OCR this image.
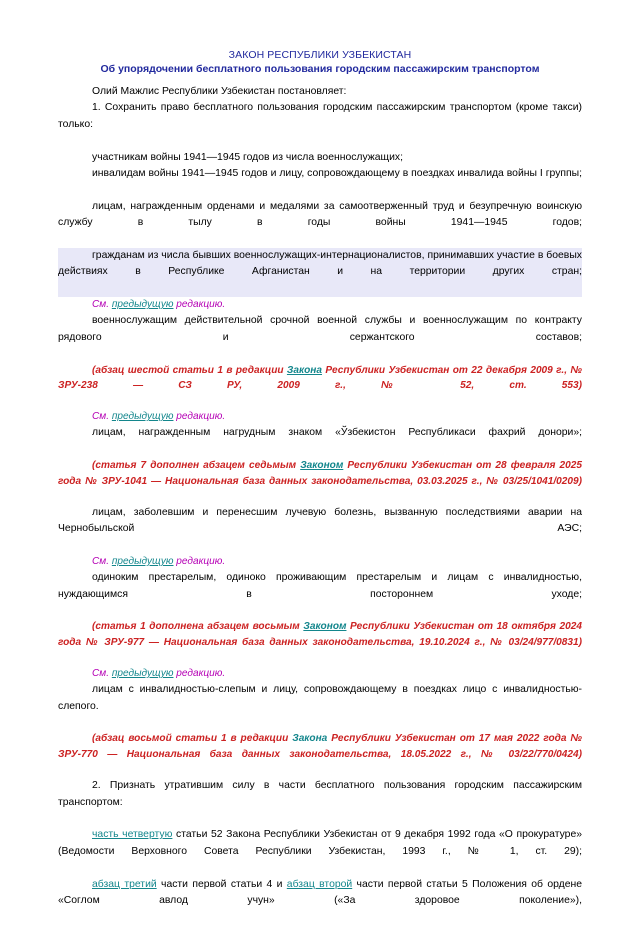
ЗАКОН РЕСПУБЛИКИ УЗБЕКИСТАН
Об упорядочении бесплатного пользования городским пассажирским транспортом

Олий Мажлис Республики Узбекистан постановляет:

1. Сохранить право бесплатного пользования городским пассажирским транспортом (кроме такси) только:

участникам войны 1941—1945 годов из числа военнослужащих;

инвалидам войны 1941—1945 годов и лицу, сопровождающему в поездках инвалида войны I группы;

лицам, награжденным орденами и медалями за самоотверженный труд и безупречную воинскую службу в тылу в годы войны 1941—1945 годов;

гражданам из числа бывших военнослужащих-интернационалистов, принимавших участие в боевых действиях в Республике Афганистан и на территории других стран;

См. предыдущую редакцию.

военнослужащим действительной срочной военной службы и военнослужащим по контракту рядового и сержантского составов;

(абзац шестой статьи 1 в редакции Закона Республики Узбекистан от 22 декабря 2009 г., № ЗРУ-238 — СЗ РУ, 2009 г., № 52, ст. 553)

См. предыдущую редакцию.

лицам, награжденным нагрудным знаком «Ўзбекистон Республикаси фахрий донори»;

(статья 7 дополнен абзацем седьмым Законом Республики Узбекистан от 28 февраля 2025 года № ЗРУ-1041 — Национальная база данных законодательства, 03.03.2025 г., № 03/25/1041/0209)

лицам, заболевшим и перенесшим лучевую болезнь, вызванную последствиями аварии на Чернобыльской АЭС;

См. предыдущую редакцию.

одиноким престарелым, одиноко проживающим престарелым и лицам с инвалидностью, нуждающимся в постороннем уходе;

(статья 1 дополнена абзацем восьмым Законом Республики Узбекистан от 18 октября 2024 года № ЗРУ-977 — Национальная база данных законодательства, 19.10.2024 г., № 03/24/977/0831)

См. предыдущую редакцию.

лицам с инвалидностью-слепым и лицу, сопровождающему в поездках лицо с инвалидностью-слепого.

(абзац восьмой статьи 1 в редакции Закона Республики Узбекистан от 17 мая 2022 года № ЗРУ-770 — Национальная база данных законодательства, 18.05.2022 г., № 03/22/770/0424)

2. Признать утратившим силу в части бесплатного пользования городским пассажирским транспортом:

часть четвертую статьи 52 Закона Республики Узбекистан от 9 декабря 1992 года «О прокуратуре» (Ведомости Верховного Совета Республики Узбекистан, 1993 г., № 1, ст. 29);

абзац третий части первой статьи 4 и абзац второй части первой статьи 5 Положения об ордене «Соглом авлод учун» («За здоровое поколение»),
